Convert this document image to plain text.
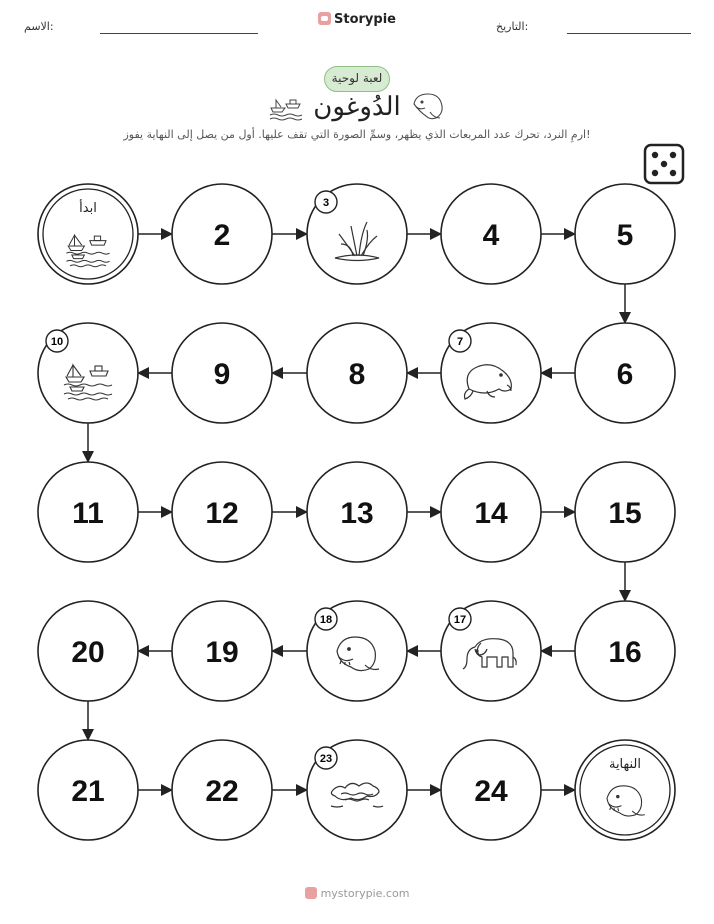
الاسم:	Storypie	التاريخ:
لعبة لوحية
الدُوغون
ارمِ النرد، تحرك عدد المربعات الذي يظهر، وسمِّ الصورة التي تقف عليها. أول من يصل إلى النهاية يفوز!
ابدأ
2
3
4	5
6
7
8
9
10
11	12	13	14	15
16
17
18
19
20
21	22
23
24
النهاية
mystorypie.com
